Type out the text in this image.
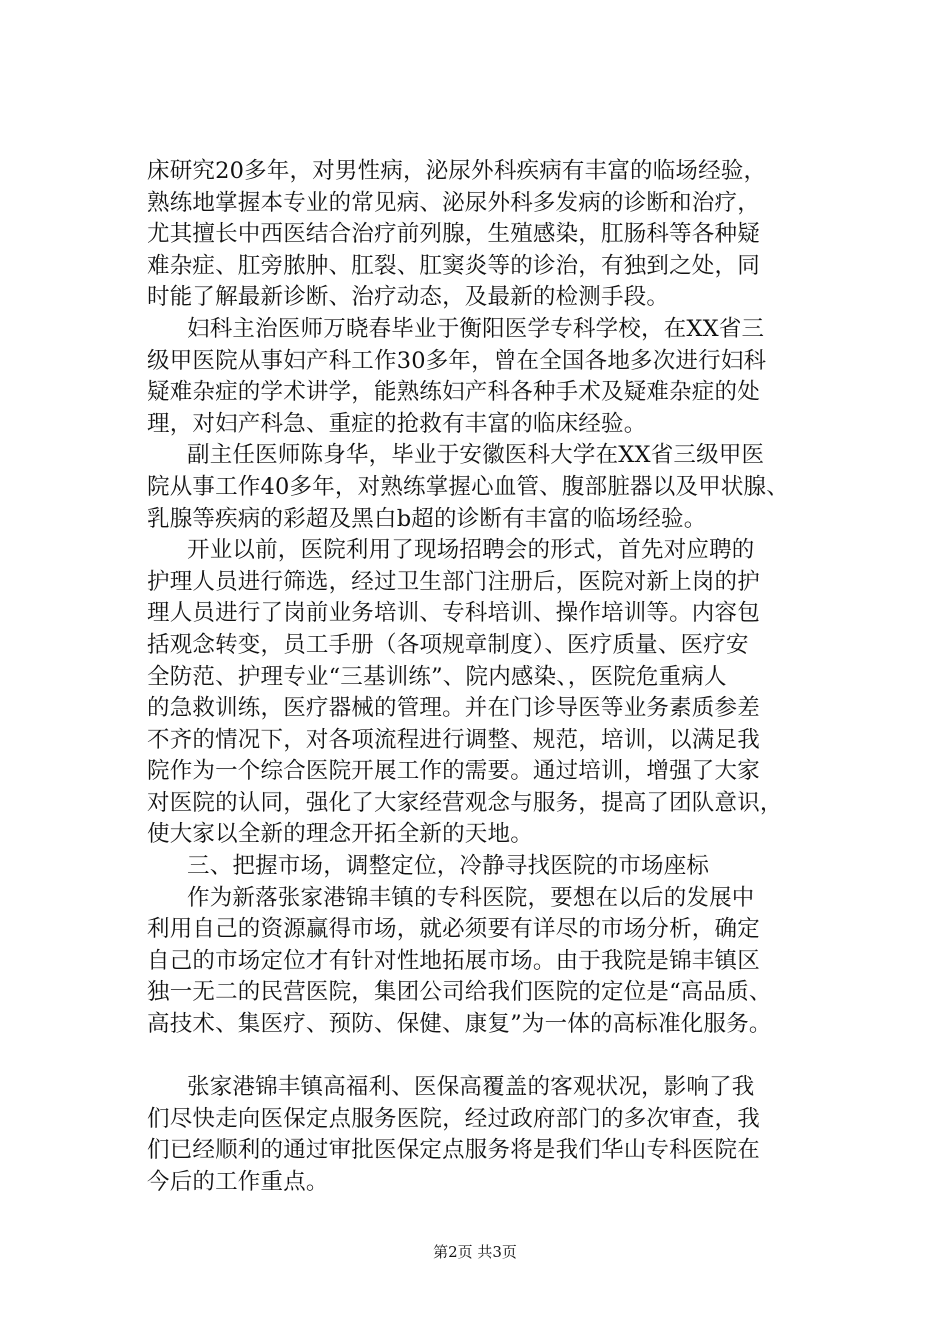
床研究20多年，对男性病，泌尿外科疾病有丰富的临场经验，
熟练地掌握本专业的常见病、泌尿外科多发病的诊断和治疗，
尤其擅长中西医结合治疗前列腺，生殖感染，肛肠科等各种疑
难杂症、肛旁脓肿、肛裂、肛窦炎等的诊治，有独到之处，同
时能了解最新诊断、治疗动态，及最新的检测手段。
妇科主治医师万晓春毕业于衡阳医学专科学校，在XX省三
级甲医院从事妇产科工作30多年，曾在全国各地多次进行妇科
疑难杂症的学术讲学，能熟练妇产科各种手术及疑难杂症的处
理，对妇产科急、重症的抢救有丰富的临床经验。
副主任医师陈身华，毕业于安徽医科大学在XX省三级甲医
院从事工作40多年，对熟练掌握心血管、腹部脏器以及甲状腺、
乳腺等疾病的彩超及黑白b超的诊断有丰富的临场经验。
开业以前，医院利用了现场招聘会的形式，首先对应聘的
护理人员进行筛选，经过卫生部门注册后，医院对新上岗的护
理人员进行了岗前业务培训、专科培训、操作培训等。内容包
括观念转变，员工手册（各项规章制度）、医疗质量、医疗安
全防范、护理专业“三基训练”、院内感染、，医院危重病人
的急救训练，医疗器械的管理。并在门诊导医等业务素质参差
不齐的情况下，对各项流程进行调整、规范，培训，以满足我
院作为一个综合医院开展工作的需要。通过培训，增强了大家
对医院的认同，强化了大家经营观念与服务，提高了团队意识，
使大家以全新的理念开拓全新的天地。
三、把握市场，调整定位，冷静寻找医院的市场座标
作为新落张家港锦丰镇的专科医院，要想在以后的发展中
利用自己的资源赢得市场，就必须要有详尽的市场分析，确定
自己的市场定位才有针对性地拓展市场。由于我院是锦丰镇区
独一无二的民营医院，集团公司给我们医院的定位是“高品质、
高技术、集医疗、预防、保健、康复”为一体的高标准化服务。
张家港锦丰镇高福利、医保高覆盖的客观状况，影响了我
们尽快走向医保定点服务医院，经过政府部门的多次审查，我
们已经顺利的通过审批医保定点服务将是我们华山专科医院在
今后的工作重点。
第2页 共3页
